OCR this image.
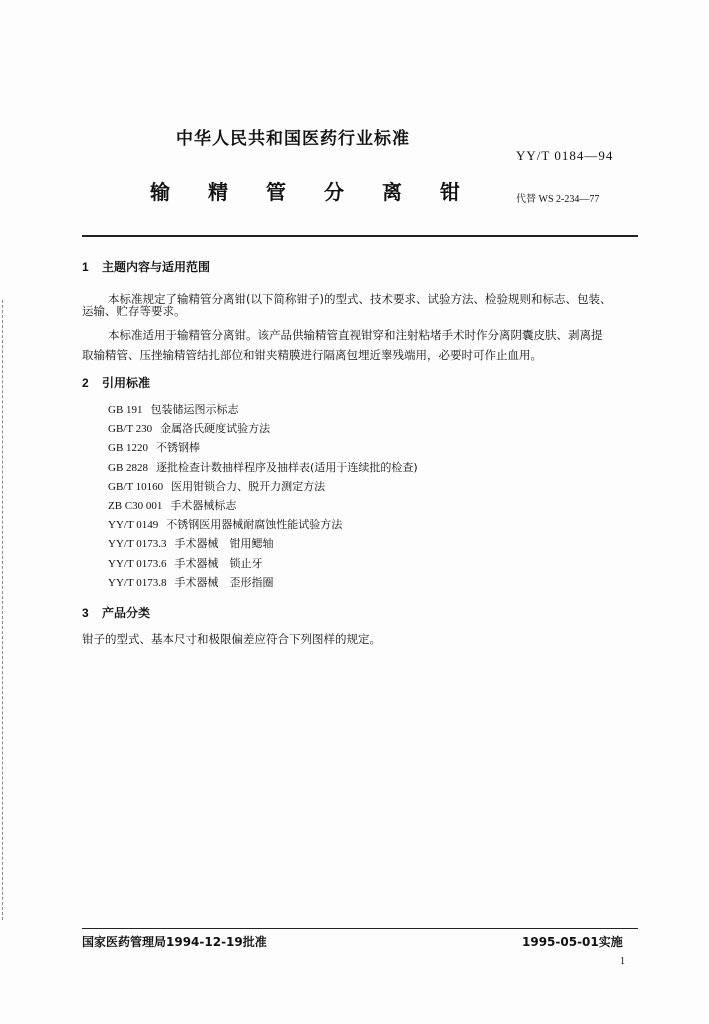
中华人民共和国医药行业标准
YY/T 0184—94
输精管分离钳 代替 WS 2-234—77
1 主题内容与适用范围
本标准规定了输精管分离钳(以下简称钳子)的型式、技术要求、试验方法、检验规则和标志、包装、
运输、贮存等要求。
本标准适用于输精管分离钳。该产品供输精管直视钳穿和注射粘堵手术时作分离阴囊皮肤、剥离提
取输精管、压挫输精管结扎部位和钳夹精膜进行隔离包埋近睾残端用，必要时可作止血用。
2 引用标准
GB 191 包装储运图示标志
GB/T 230 金属洛氏硬度试验方法
GB 1220 不锈钢棒
GB 2828 逐批检查计数抽样程序及抽样表(适用于连续批的检查)
GB/T 10160 医用钳锁合力、脱开力测定方法
ZB C30 001 手术器械标志
YY/T 0149 不锈钢医用器械耐腐蚀性能试验方法
YY/T 0173.3 手术器械　钳用鳃轴
YY/T 0173.6 手术器械　锁止牙
YY/T 0173.8 手术器械　歪形指圈
3 产品分类
钳子的型式、基本尺寸和极限偏差应符合下列图样的规定。
国家医药管理局1994-12-19批准	1995-05-01实施
1
